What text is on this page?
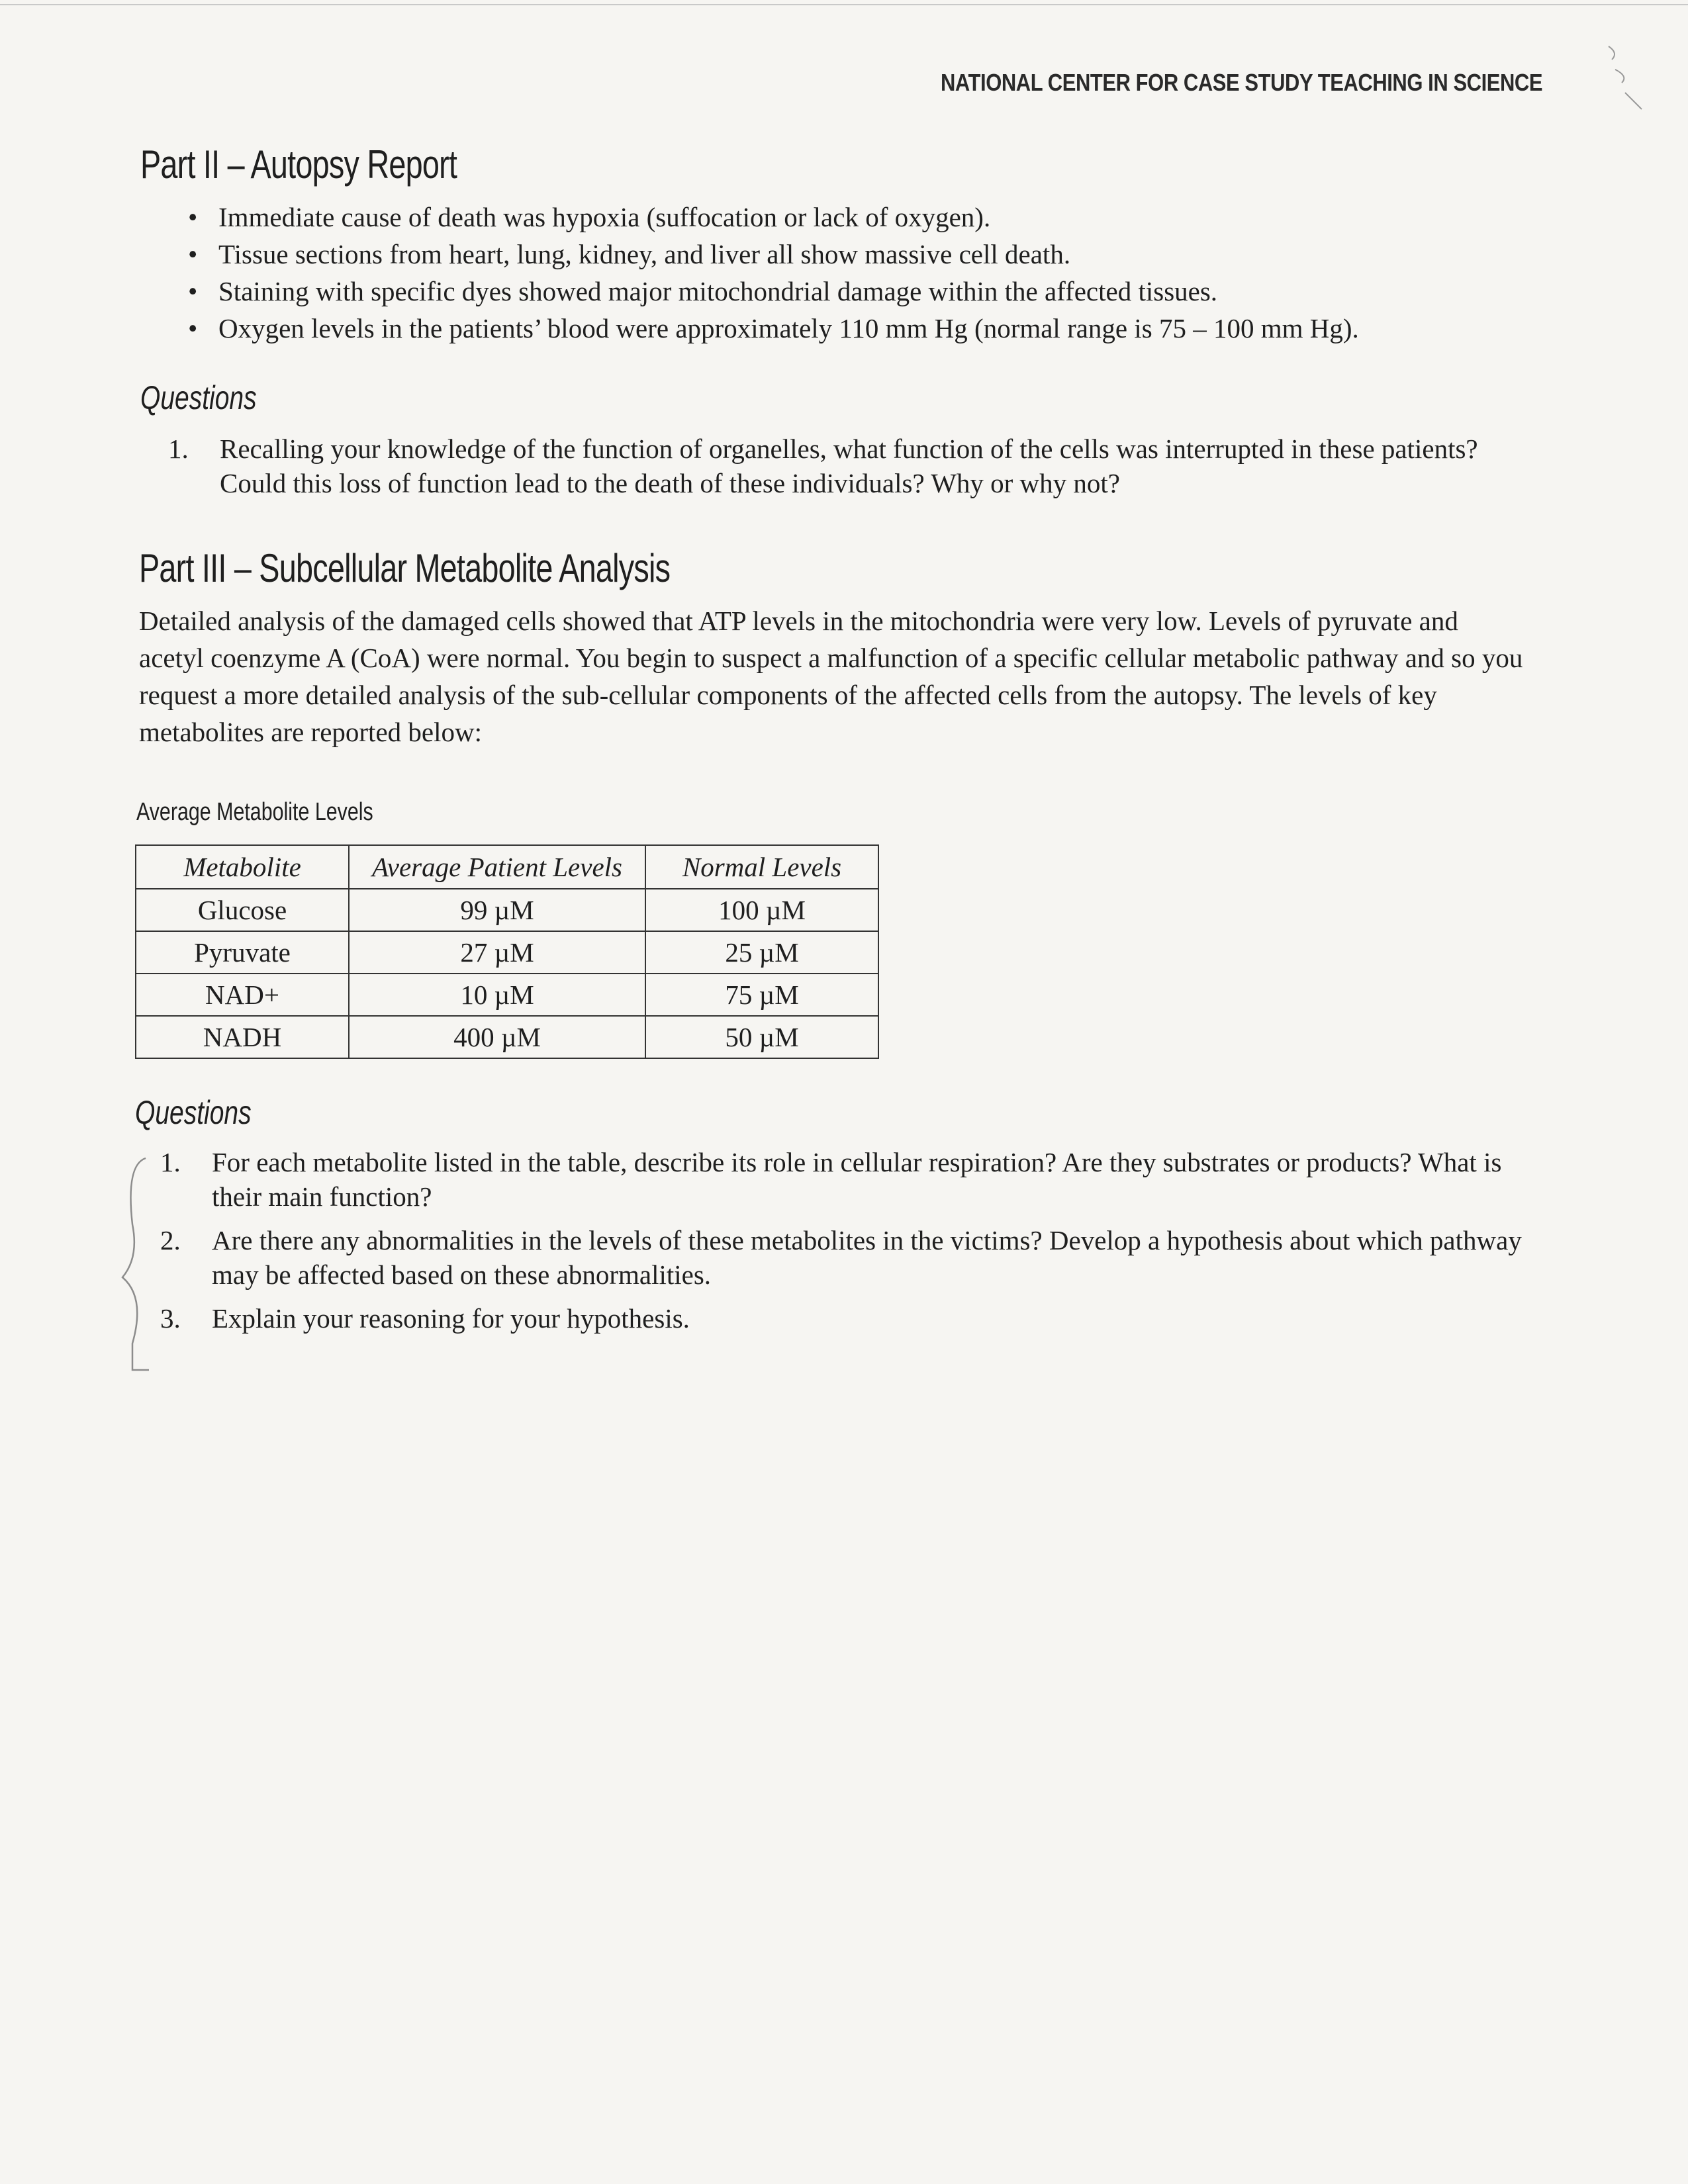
NATIONAL CENTER FOR CASE STUDY TEACHING IN SCIENCE
Part II – Autopsy Report
• Immediate cause of death was hypoxia (suffocation or lack of oxygen).
• Tissue sections from heart, lung, kidney, and liver all show massive cell death.
• Staining with specific dyes showed major mitochondrial damage within the affected tissues.
• Oxygen levels in the patients’ blood were approximately 110 mm Hg (normal range is 75 – 100 mm Hg).
Questions
1. Recalling your knowledge of the function of organelles, what function of the cells was interrupted in these patients? Could this loss of function lead to the death of these individuals? Why or why not?
Part III – Subcellular Metabolite Analysis
Detailed analysis of the damaged cells showed that ATP levels in the mitochondria were very low. Levels of pyruvate and acetyl coenzyme A (CoA) were normal. You begin to suspect a malfunction of a specific cellular metabolic pathway and so you request a more detailed analysis of the sub-cellular components of the affected cells from the autopsy. The levels of key metabolites are reported below:
Average Metabolite Levels
Metabolite	Average Patient Levels	Normal Levels
Glucose	99 µM	100 µM
Pyruvate	27 µM	25 µM
NAD+	10 µM	75 µM
NADH	400 µM	50 µM
Questions
1. For each metabolite listed in the table, describe its role in cellular respiration? Are they substrates or products? What is their main function?
2. Are there any abnormalities in the levels of these metabolites in the victims? Develop a hypothesis about which pathway may be affected based on these abnormalities.
3. Explain your reasoning for your hypothesis.
